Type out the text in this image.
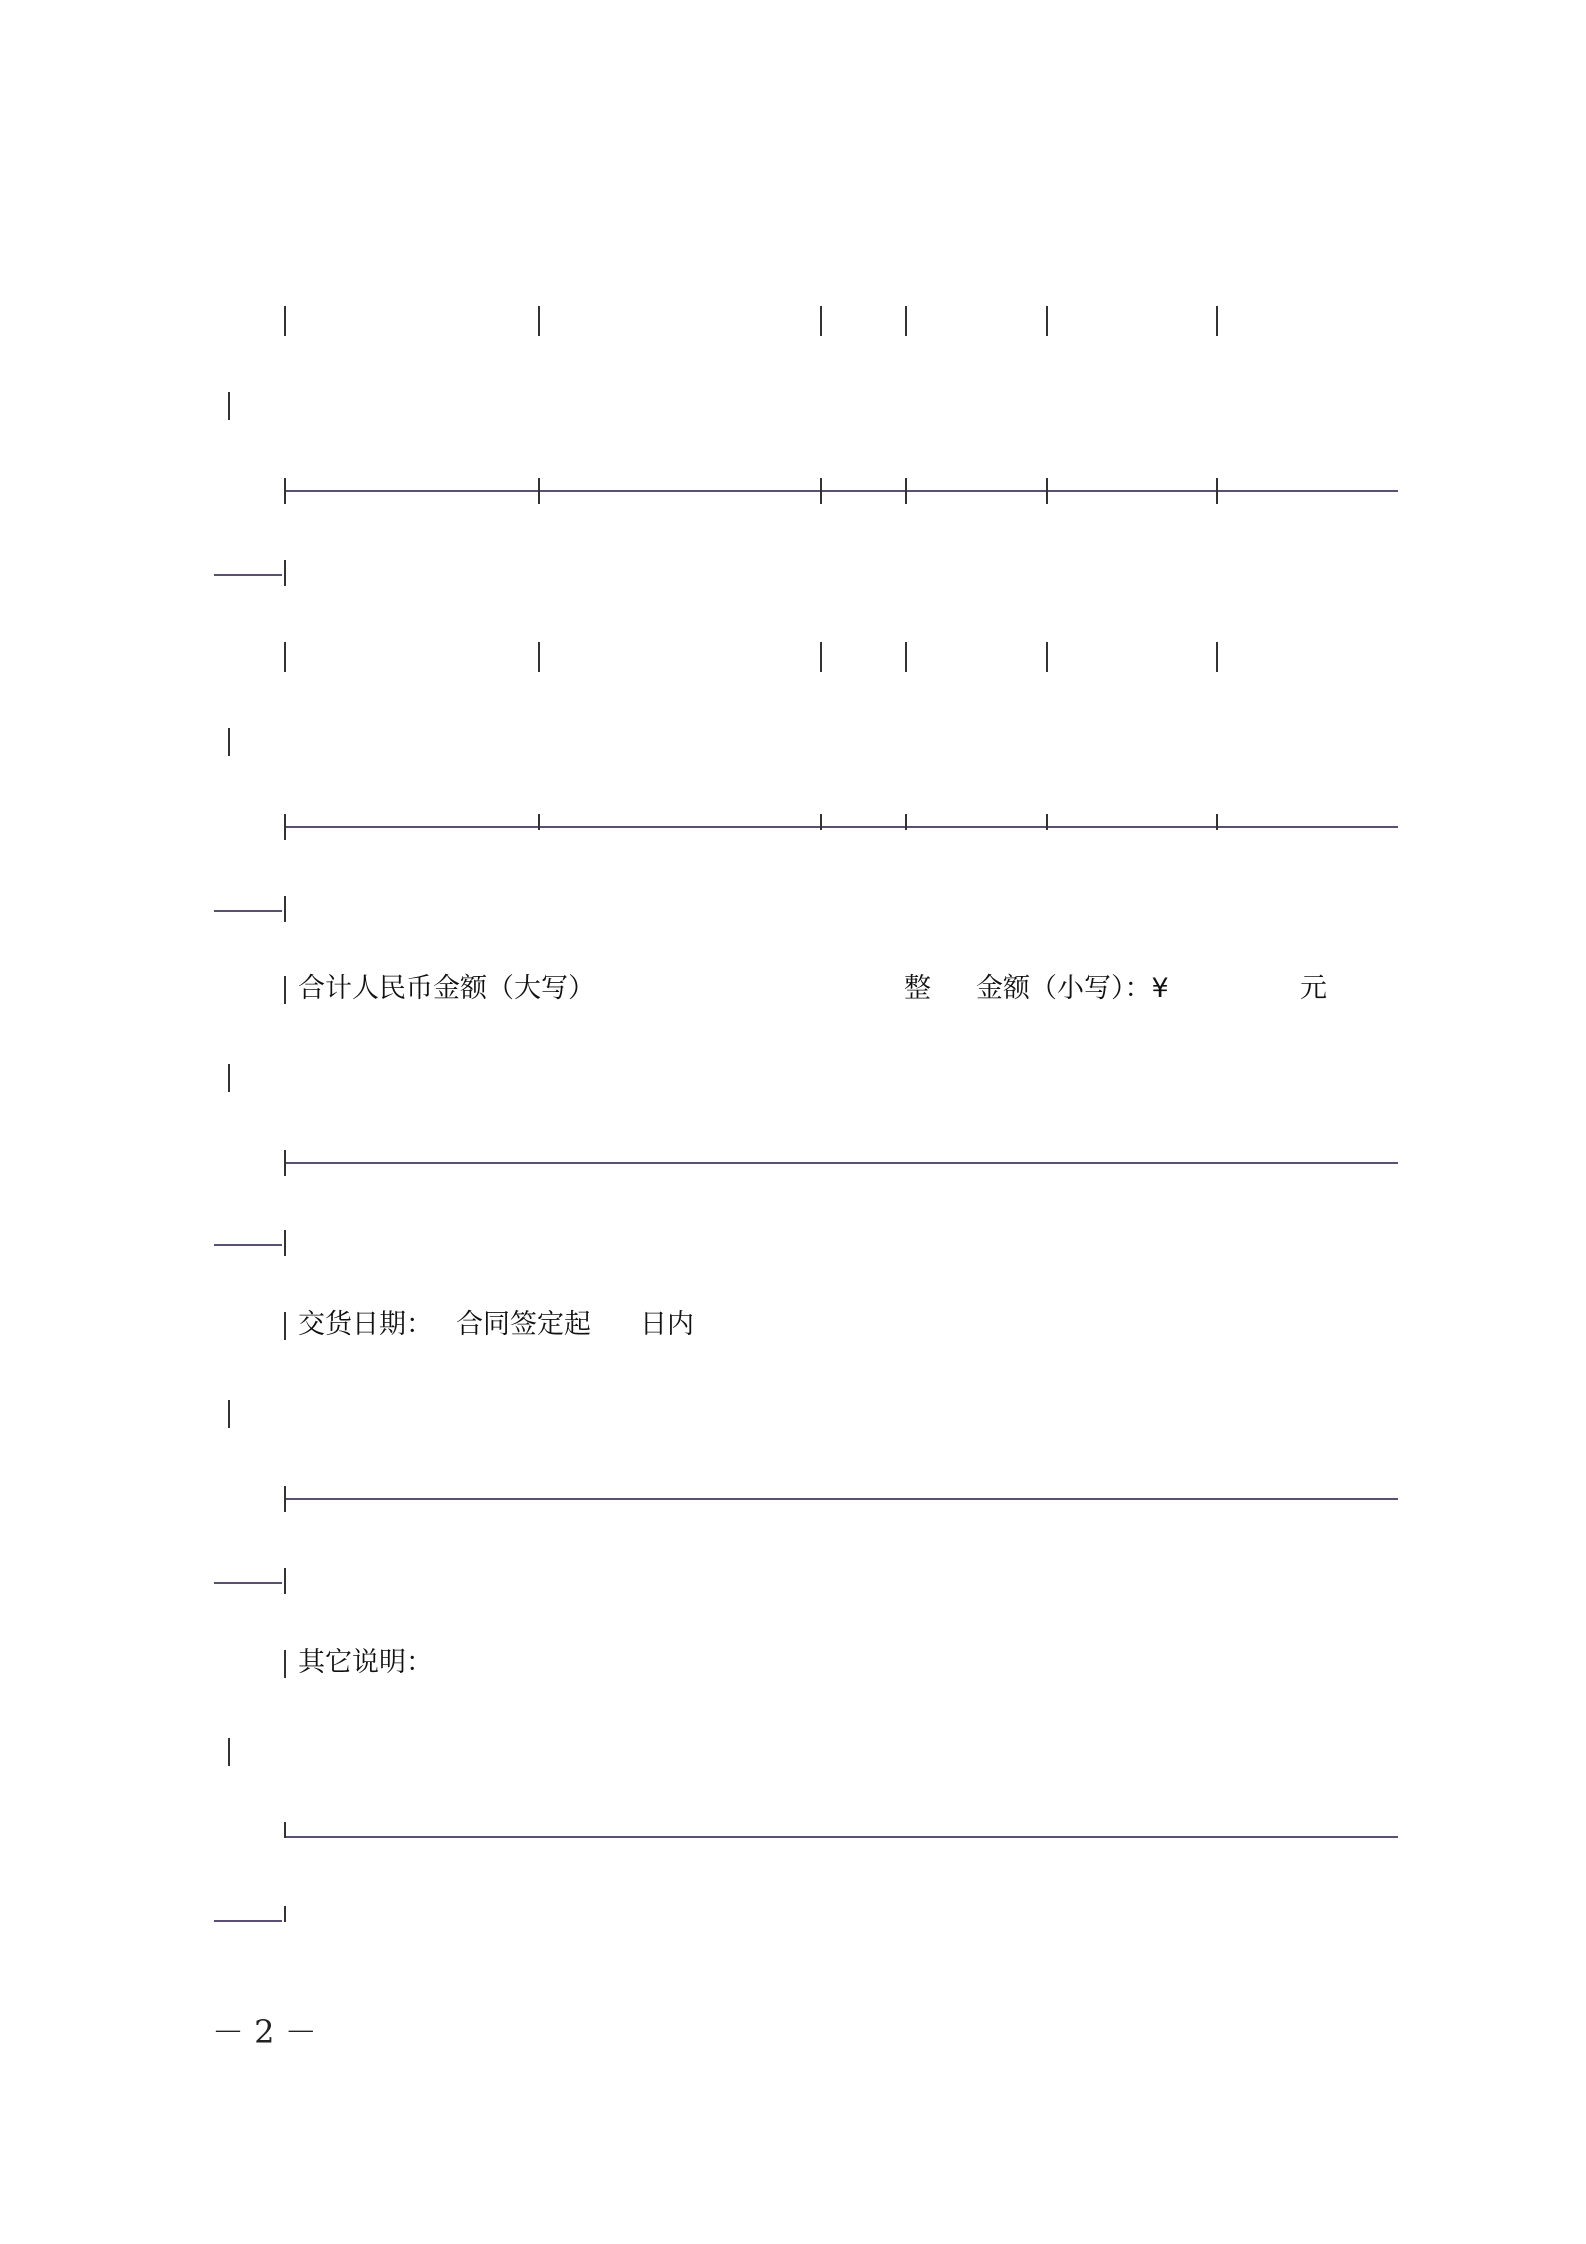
合计人民币金额（大写）	整 金额（小写）：¥	元
交货日期： 合同签定起 日内
其它说明：
－ 2 －
